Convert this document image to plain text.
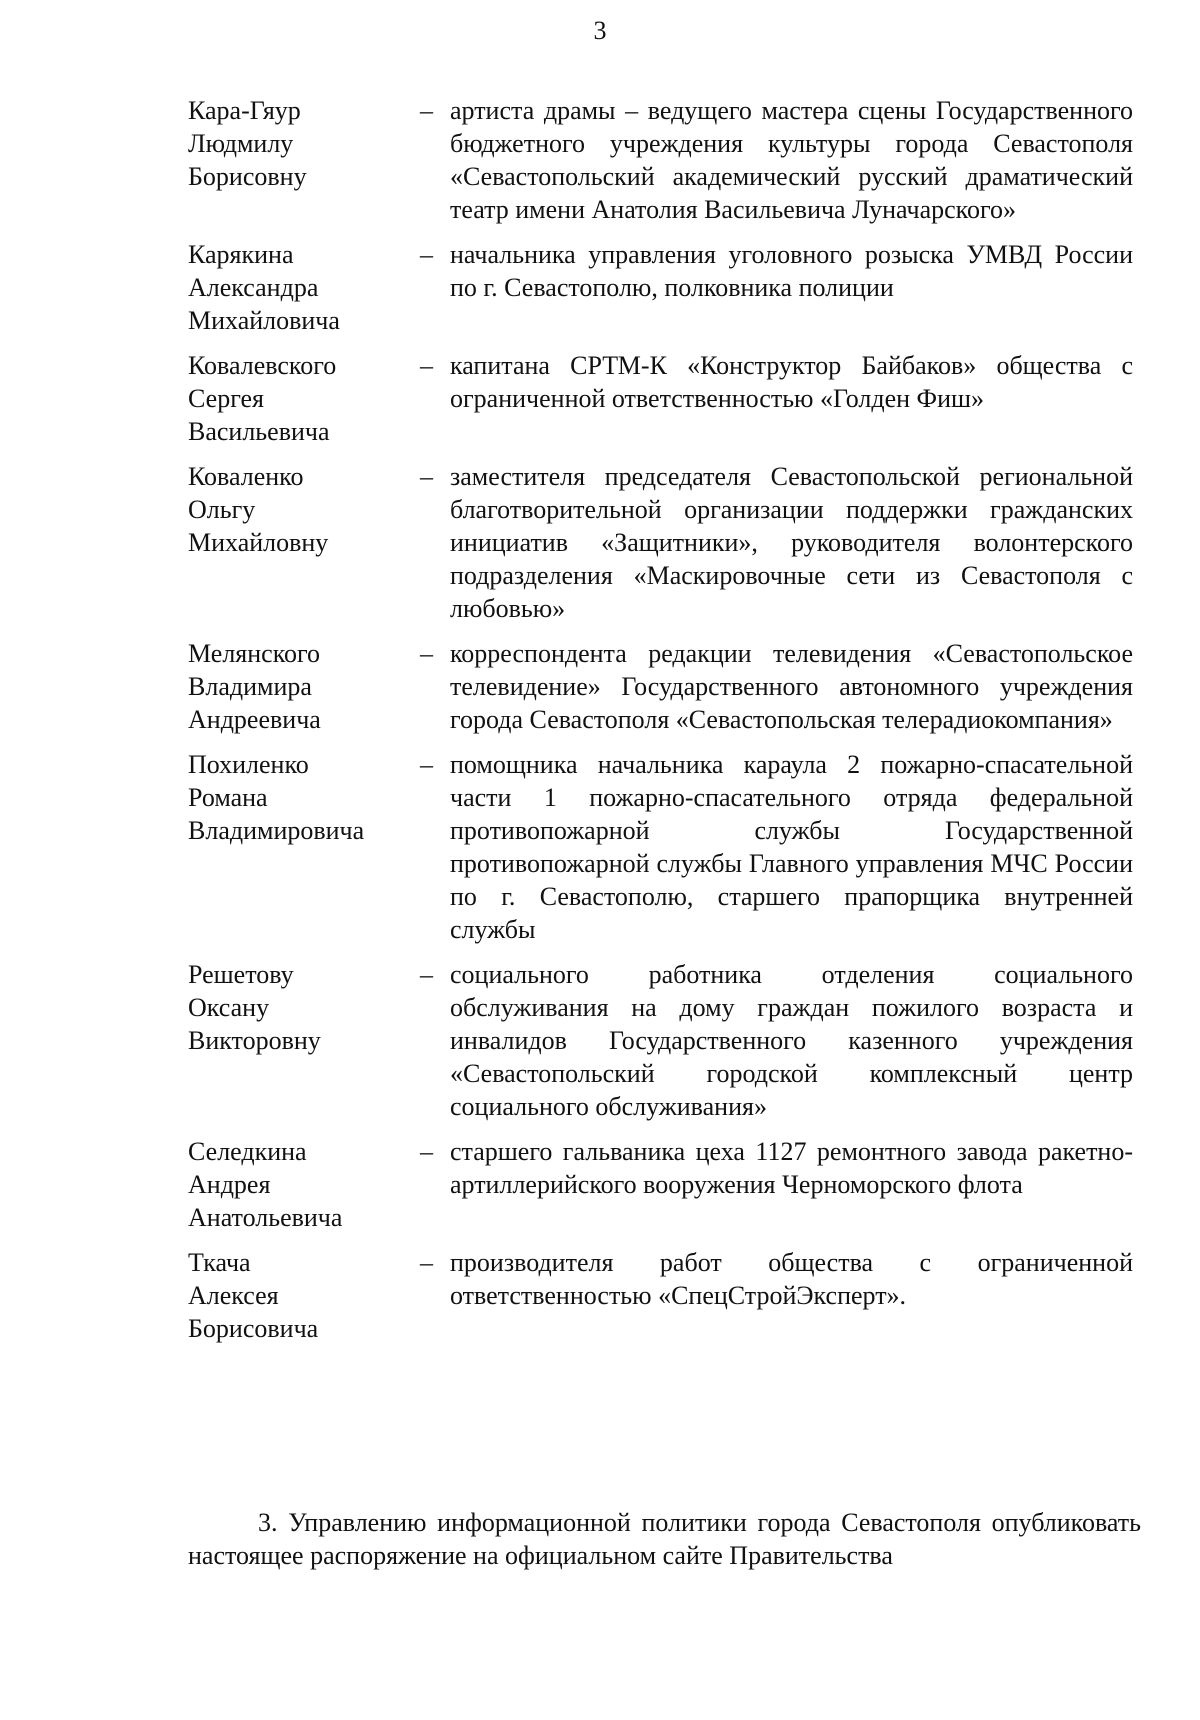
3
Кара-Гяур
Людмилу
Борисовну
– артиста драмы – ведущего мастера сцены Государственного бюджетного учреждения культуры города Севастополя «Севастопольский академический русский драматический театр имени Анатолия Васильевича Луначарского»
Карякина
Александра
Михайловича
– начальника управления уголовного розыска УМВД России по г. Севастополю, полковника полиции
Ковалевского
Сергея
Васильевича
– капитана СРТМ-К «Конструктор Байбаков» общества с ограниченной ответственностью «Голден Фиш»
Коваленко
Ольгу
Михайловну
– заместителя председателя Севастопольской региональной благотворительной организации поддержки гражданских инициатив «Защитники», руководителя волонтерского подразделения «Маскировочные сети из Севастополя с любовью»
Мелянского
Владимира
Андреевича
– корреспондента редакции телевидения «Севастопольское телевидение» Государственного автономного учреждения города Севастополя «Севастопольская телерадиокомпания»
Похиленко
Романа
Владимировича
– помощника начальника караула 2 пожарно-спасательной части 1 пожарно-спасательного отряда федеральной противопожарной службы Государственной противопожарной службы Главного управления МЧС России по г. Севастополю, старшего прапорщика внутренней службы
Решетову
Оксану
Викторовну
– социального работника отделения социального обслуживания на дому граждан пожилого возраста и инвалидов Государственного казенного учреждения «Севастопольский городской комплексный центр социального обслуживания»
Селедкина
Андрея
Анатольевича
– старшего гальваника цеха 1127 ремонтного завода ракетно-артиллерийского вооружения Черноморского флота
Ткача
Алексея
Борисовича
– производителя работ общества с ограниченной ответственностью «СпецСтройЭксперт».

3. Управлению информационной политики города Севастополя опубликовать настоящее распоряжение на официальном сайте Правительства
